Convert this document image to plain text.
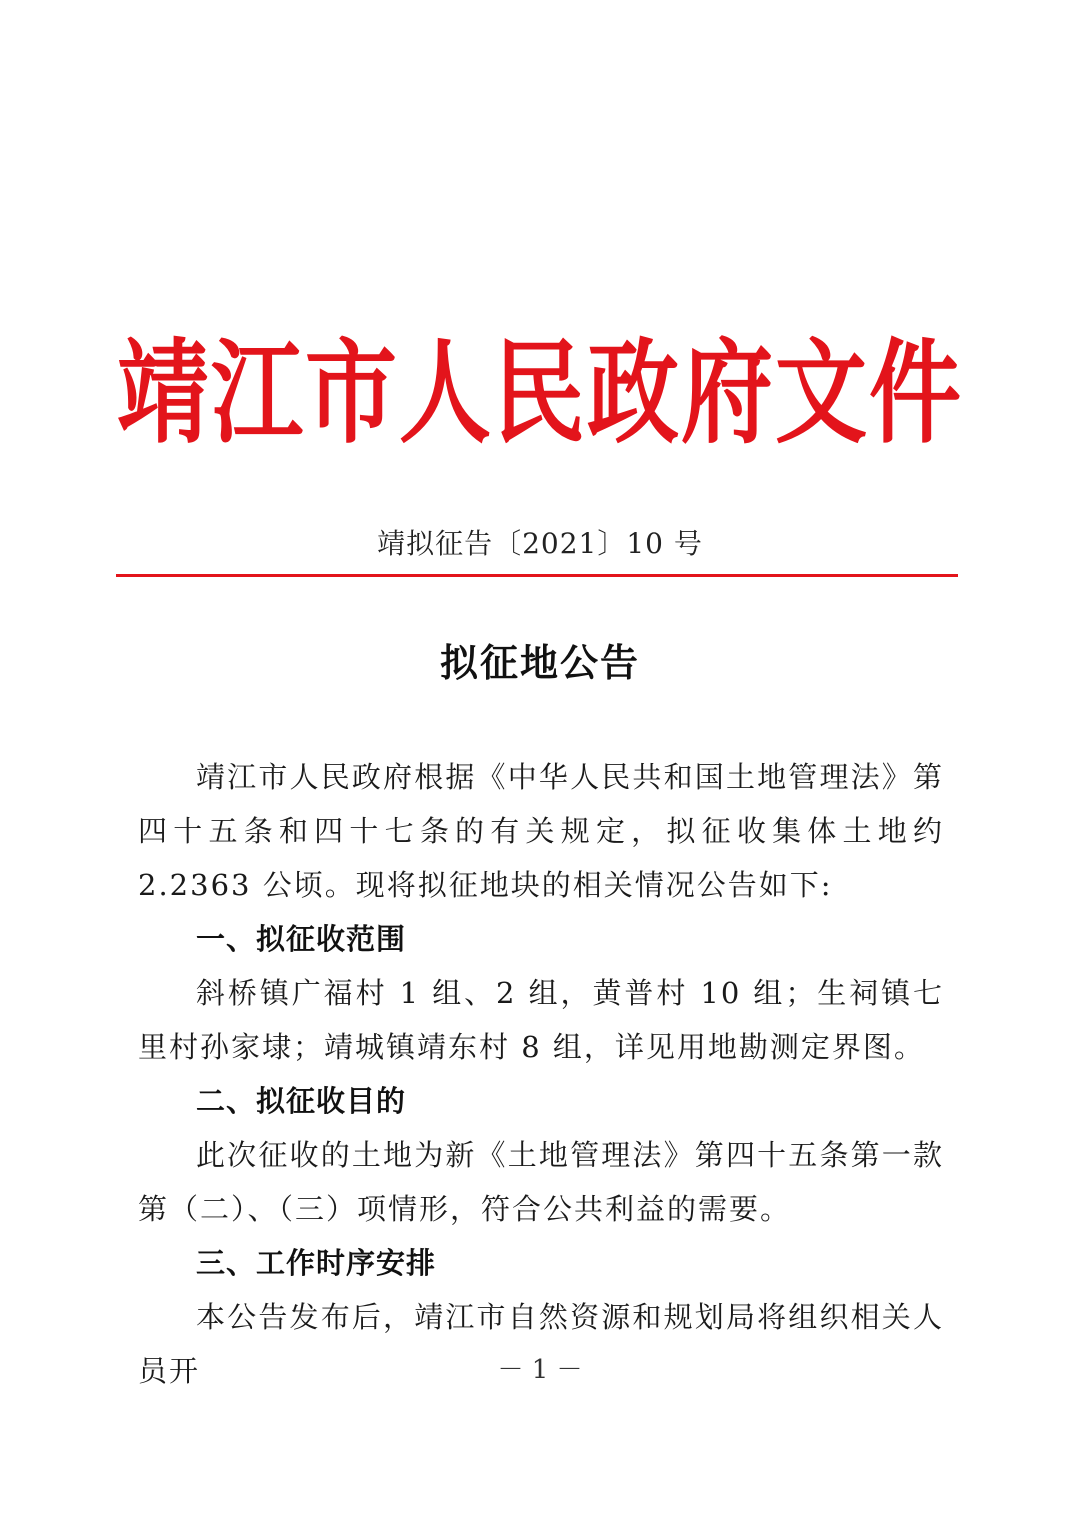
靖江市人民政府文件
靖拟征告〔2021〕10 号
拟征地公告

靖江市人民政府根据《中华人民共和国土地管理法》第四十五条和四十七条的有关规定，拟征收集体土地约 2.2363 公顷。现将拟征地块的相关情况公告如下:

一、拟征收范围

斜桥镇广福村 1 组、2 组，黄普村 10 组；生祠镇七里村孙家埭；靖城镇靖东村 8 组，详见用地勘测定界图。

二、拟征收目的

此次征收的土地为新《土地管理法》第四十五条第一款第（二）、（三）项情形，符合公共利益的需要。

三、工作时序安排

本公告发布后，靖江市自然资源和规划局将组织相关人员开	－ 1 －
